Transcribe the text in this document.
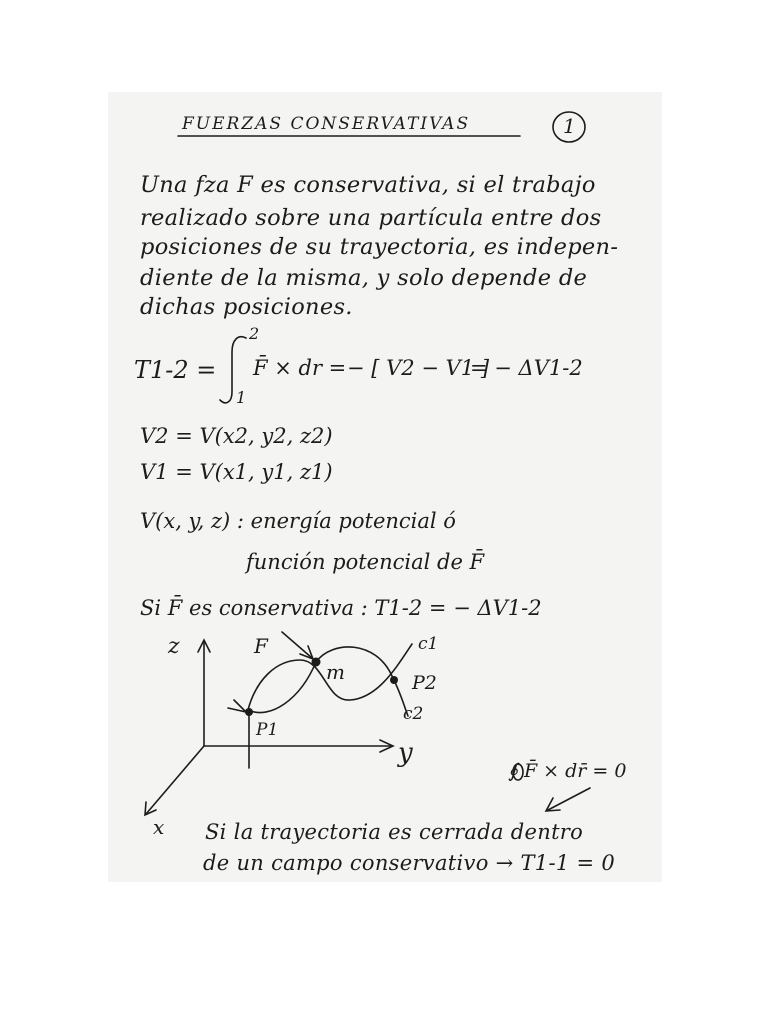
FUERZAS CONSERVATIVAS	1
Una fza F es conservativa, si el trabajo
realizado sobre una partícula entre dos
posiciones de su trayectoria, es indepen-
diente de la misma, y solo depende de
dichas posiciones.
T1-2 =
2
1
F̄ × dr = − [ V2 − V1 ]
= − ΔV1-2
V2 = V(x2, y2, z2)
V1 = V(x1, y1, z1)
V(x, y, z) : energía potencial ó
función potencial de F̄
Si F̄ es conservativa : T1-2 = − ΔV1-2
z
y
x
F
m
c1
c2
P1
P2
∮ F̄ × dr̄ = 0
Si la trayectoria es cerrada dentro
de un campo conservativo → T1-1 = 0
